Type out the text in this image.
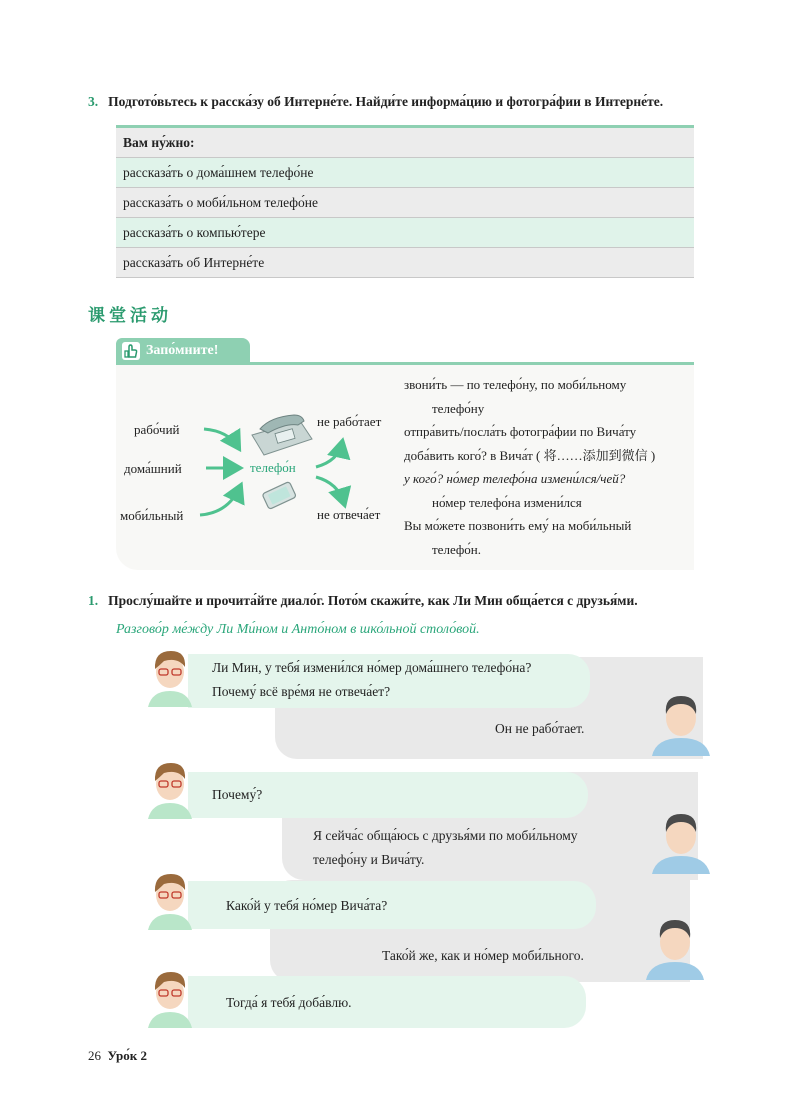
3. Подгото́вьтесь к расска́зу об Интерне́те. Найди́те информа́цию и фотогра́фии в Интерне́те.
Вам ну́жно:
рассказа́ть о дома́шнем телефо́не
рассказа́ть о моби́льном телефо́не
рассказа́ть о компью́тере
рассказа́ть об Интерне́те
课堂活动
Запо́мните!
рабо́чий
дома́шний
моби́льный
телефо́н
не рабо́тает
не отвеча́ет
звони́ть — по телефо́ну, по моби́льному
телефо́ну
отпра́вить/посла́ть фотогра́фии по Вича́ту
доба́вить кого́? в Вича́т ( 将……添加到微信 )
у кого́? но́мер телефо́на измени́лся/чей?
но́мер телефо́на измени́лся
Вы мо́жете позвони́ть ему́ на моби́льный
телефо́н.
1. Прослу́шайте и прочита́йте диало́г. Пото́м скажи́те, как Ли Мин обща́ется с друзья́ми.
Разгово́р ме́жду Ли Ми́ном и Анто́ном в шко́льной столо́вой.
Ли Мин, у тебя́ измени́лся но́мер дома́шнего телефо́на?
Почему́ всё вре́мя не отвеча́ет?
Он не рабо́тает.
Почему́?
Я сейча́с обща́юсь с друзья́ми по моби́льному
телефо́ну и Вича́ту.
Како́й у тебя́ но́мер Вича́та?
Тако́й же, как и но́мер моби́льного.
Тогда́ я тебя́ доба́влю.
26 Уро́к 2
